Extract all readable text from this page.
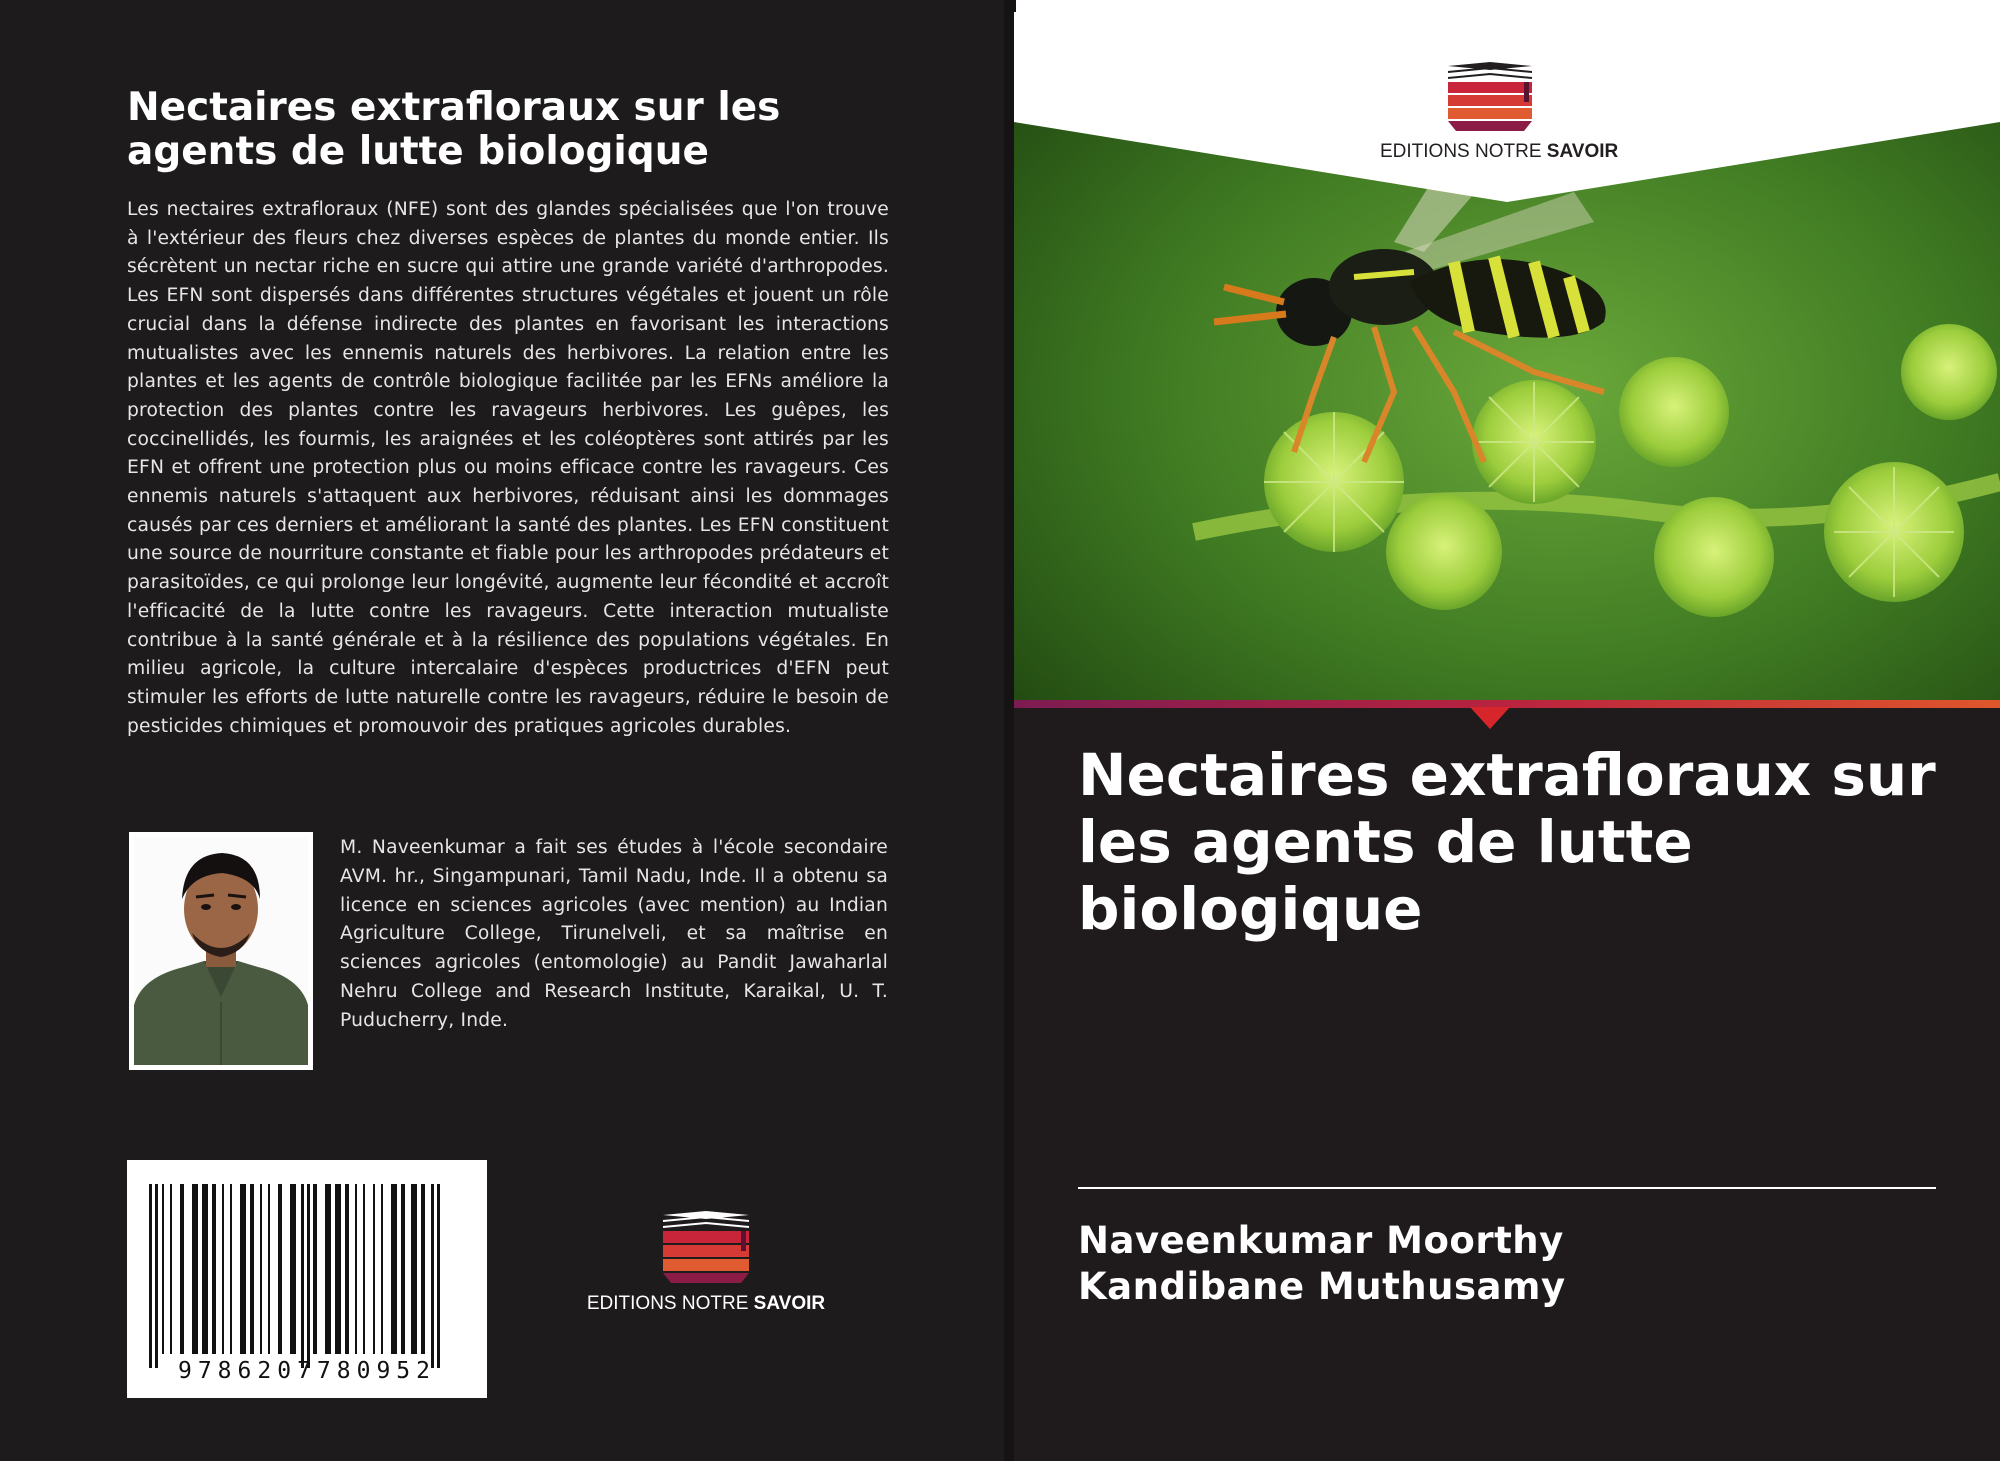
Nectaires extrafloraux sur les agents de lutte biologique

Les nectaires extrafloraux (NFE) sont des glandes spécialisées que l'on trouve à l'extérieur des fleurs chez diverses espèces de plantes du monde entier. Ils sécrètent un nectar riche en sucre qui attire une grande variété d'arthropodes. Les EFN sont dispersés dans différentes structures végétales et jouent un rôle crucial dans la défense indirecte des plantes en favorisant les interactions mutualistes avec les ennemis naturels des herbivores. La relation entre les plantes et les agents de contrôle biologique facilitée par les EFNs améliore la protection des plantes contre les ravageurs herbivores. Les guêpes, les coccinellidés, les fourmis, les araignées et les coléoptères sont attirés par les EFN et offrent une protection plus ou moins efficace contre les ravageurs. Ces ennemis naturels s'attaquent aux herbivores, réduisant ainsi les dommages causés par ces derniers et améliorant la santé des plantes. Les EFN constituent une source de nourriture constante et fiable pour les arthropodes prédateurs et parasitoïdes, ce qui prolonge leur longévité, augmente leur fécondité et accroît l'efficacité de la lutte contre les ravageurs. Cette interaction mutualiste contribue à la santé générale et à la résilience des populations végétales. En milieu agricole, la culture intercalaire d'espèces productrices d'EFN peut stimuler les efforts de lutte naturelle contre les ravageurs, réduire le besoin de pesticides chimiques et promouvoir des pratiques agricoles durables.

M. Naveenkumar a fait ses études à l'école secondaire AVM. hr., Singampunari, Tamil Nadu, Inde. Il a obtenu sa licence en sciences agricoles (avec mention) au Indian Agriculture College, Tirunelveli, et sa maîtrise en sciences agricoles (entomologie) au Pandit Jawaharlal Nehru College and Research Institute, Karaikal, U. T. Puducherry, Inde.

9786207780952
EDITIONS NOTRE SAVOIR
EDITIONS NOTRE SAVOIR
Nectaires extrafloraux sur les agents de lutte biologique
Naveenkumar Moorthy
Kandibane Muthusamy
